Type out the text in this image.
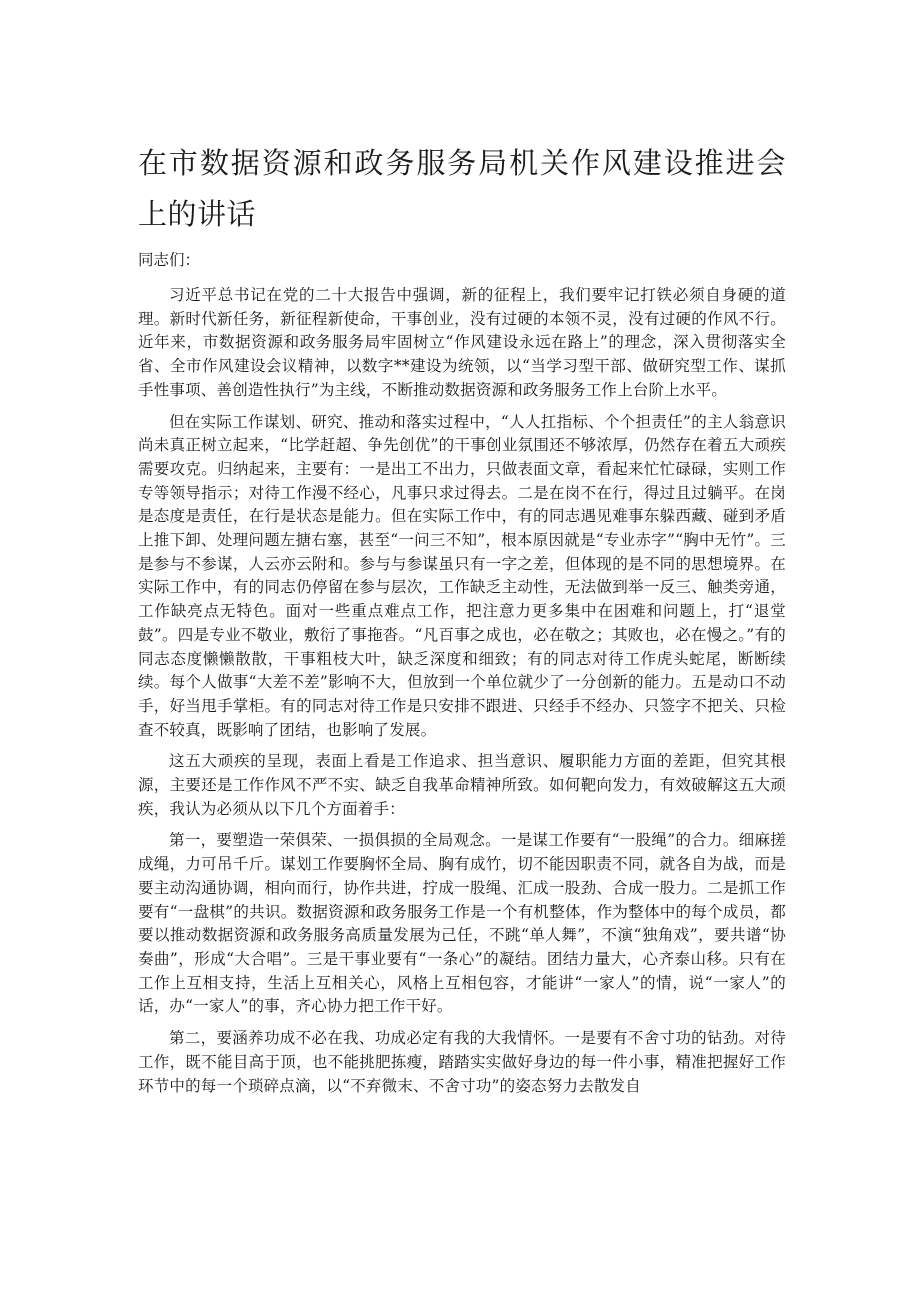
在市数据资源和政务服务局机关作风建设推进会上的讲话
同志们：

习近平总书记在党的二十大报告中强调，新的征程上，我们要牢记打铁必须自身硬的道理。新时代新任务，新征程新使命，干事创业，没有过硬的本领不灵，没有过硬的作风不行。近年来，市数据资源和政务服务局牢固树立“作风建设永远在路上”的理念，深入贯彻落实全省、全市作风建设会议精神，以数字**建设为统领，以“当学习型干部、做研究型工作、谋抓手性事项、善创造性执行”为主线，不断推动数据资源和政务服务工作上台阶上水平。

但在实际工作谋划、研究、推动和落实过程中，“人人扛指标、个个担责任”的主人翁意识尚未真正树立起来，“比学赶超、争先创优”的干事创业氛围还不够浓厚，仍然存在着五大顽疾需要攻克。归纳起来，主要有：一是出工不出力，只做表面文章，看起来忙忙碌碌，实则工作专等领导指示；对待工作漫不经心，凡事只求过得去。二是在岗不在行，得过且过躺平。在岗是态度是责任，在行是状态是能力。但在实际工作中，有的同志遇见难事东躲西藏、碰到矛盾上推下卸、处理问题左搪右塞，甚至“一问三不知”，根本原因就是“专业赤字”“胸中无竹”。三是参与不参谋，人云亦云附和。参与与参谋虽只有一字之差，但体现的是不同的思想境界。在实际工作中，有的同志仍停留在参与层次，工作缺乏主动性，无法做到举一反三、触类旁通，工作缺亮点无特色。面对一些重点难点工作，把注意力更多集中在困难和问题上，打“退堂鼓”。四是专业不敬业，敷衍了事拖沓。“凡百事之成也，必在敬之；其败也，必在慢之。”有的同志态度懒懒散散，干事粗枝大叶，缺乏深度和细致；有的同志对待工作虎头蛇尾，断断续续。每个人做事“大差不差”影响不大，但放到一个单位就少了一分创新的能力。五是动口不动手，好当甩手掌柜。有的同志对待工作是只安排不跟进、只经手不经办、只签字不把关、只检查不较真，既影响了团结，也影响了发展。

这五大顽疾的呈现，表面上看是工作追求、担当意识、履职能力方面的差距，但究其根源，主要还是工作作风不严不实、缺乏自我革命精神所致。如何靶向发力，有效破解这五大顽疾，我认为必须从以下几个方面着手：

第一，要塑造一荣俱荣、一损俱损的全局观念。一是谋工作要有“一股绳”的合力。细麻搓成绳，力可吊千斤。谋划工作要胸怀全局、胸有成竹，切不能因职责不同，就各自为战，而是要主动沟通协调，相向而行，协作共进，拧成一股绳、汇成一股劲、合成一股力。二是抓工作要有“一盘棋”的共识。数据资源和政务服务工作是一个有机整体，作为整体中的每个成员，都要以推动数据资源和政务服务高质量发展为己任，不跳“单人舞”，不演“独角戏”，要共谱“协奏曲”，形成“大合唱”。三是干事业要有“一条心”的凝结。团结力量大，心齐泰山移。只有在工作上互相支持，生活上互相关心，风格上互相包容，才能讲“一家人”的情，说“一家人”的话，办“一家人”的事，齐心协力把工作干好。

第二，要涵养功成不必在我、功成必定有我的大我情怀。一是要有不舍寸功的钻劲。对待工作，既不能目高于顶，也不能挑肥拣瘦，踏踏实实做好身边的每一件小事，精准把握好工作环节中的每一个琐碎点滴，以“不弃微末、不舍寸功”的姿态努力去散发自
